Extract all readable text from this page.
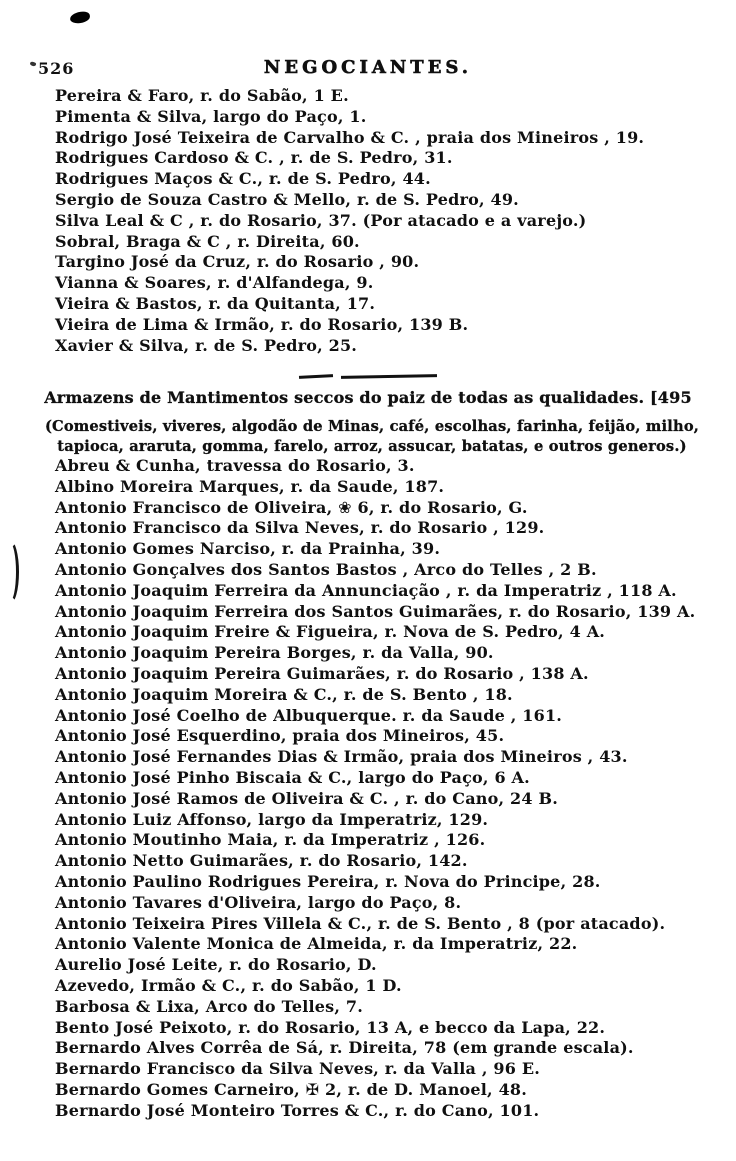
526	NEGOCIANTES.
Pereira & Faro, r. do Sabão, 1 E.
Pimenta & Silva, largo do Paço, 1.
Rodrigo José Teixeira de Carvalho & C. , praia dos Mineiros , 19.
Rodrigues Cardoso & C. , r. de S. Pedro, 31.
Rodrigues Maços & C., r. de S. Pedro, 44.
Sergio de Souza Castro & Mello, r. de S. Pedro, 49.
Silva Leal & C , r. do Rosario, 37. (Por atacado e a varejo.)
Sobral, Braga & C , r. Direita, 60.
Targino José da Cruz, r. do Rosario , 90.
Vianna & Soares, r. d'Alfandega, 9.
Vieira & Bastos, r. da Quitanta, 17.
Vieira de Lima & Irmão, r. do Rosario, 139 B.
Xavier & Silva, r. de S. Pedro, 25.
Armazens de Mantimentos seccos do paiz de todas as qualidades. [495
(Comestiveis, viveres, algodão de Minas, café, escolhas, farinha, feijão, milho,
tapioca, araruta, gomma, farelo, arroz, assucar, batatas, e outros generos.)
Abreu & Cunha, travessa do Rosario, 3.
Albino Moreira Marques, r. da Saude, 187.
Antonio Francisco de Oliveira, ❀ 6, r. do Rosario, G.
Antonio Francisco da Silva Neves, r. do Rosario , 129.
Antonio Gomes Narciso, r. da Prainha, 39.
Antonio Gonçalves dos Santos Bastos , Arco do Telles , 2 B.
Antonio Joaquim Ferreira da Annunciação , r. da Imperatriz , 118 A.
Antonio Joaquim Ferreira dos Santos Guimarães, r. do Rosario, 139 A.
Antonio Joaquim Freire & Figueira, r. Nova de S. Pedro, 4 A.
Antonio Joaquim Pereira Borges, r. da Valla, 90.
Antonio Joaquim Pereira Guimarães, r. do Rosario , 138 A.
Antonio Joaquim Moreira & C., r. de S. Bento , 18.
Antonio José Coelho de Albuquerque. r. da Saude , 161.
Antonio José Esquerdino, praia dos Mineiros, 45.
Antonio José Fernandes Dias & Irmão, praia dos Mineiros , 43.
Antonio José Pinho Biscaia & C., largo do Paço, 6 A.
Antonio José Ramos de Oliveira & C. , r. do Cano, 24 B.
Antonio Luiz Affonso, largo da Imperatriz, 129.
Antonio Moutinho Maia, r. da Imperatriz , 126.
Antonio Netto Guimarães, r. do Rosario, 142.
Antonio Paulino Rodrigues Pereira, r. Nova do Principe, 28.
Antonio Tavares d'Oliveira, largo do Paço, 8.
Antonio Teixeira Pires Villela & C., r. de S. Bento , 8 (por atacado).
Antonio Valente Monica de Almeida, r. da Imperatriz, 22.
Aurelio José Leite, r. do Rosario, D.
Azevedo, Irmão & C., r. do Sabão, 1 D.
Barbosa & Lixa, Arco do Telles, 7.
Bento José Peixoto, r. do Rosario, 13 A, e becco da Lapa, 22.
Bernardo Alves Corrêa de Sá, r. Direita, 78 (em grande escala).
Bernardo Francisco da Silva Neves, r. da Valla , 96 E.
Bernardo Gomes Carneiro, ✠ 2, r. de D. Manoel, 48.
Bernardo José Monteiro Torres & C., r. do Cano, 101.
